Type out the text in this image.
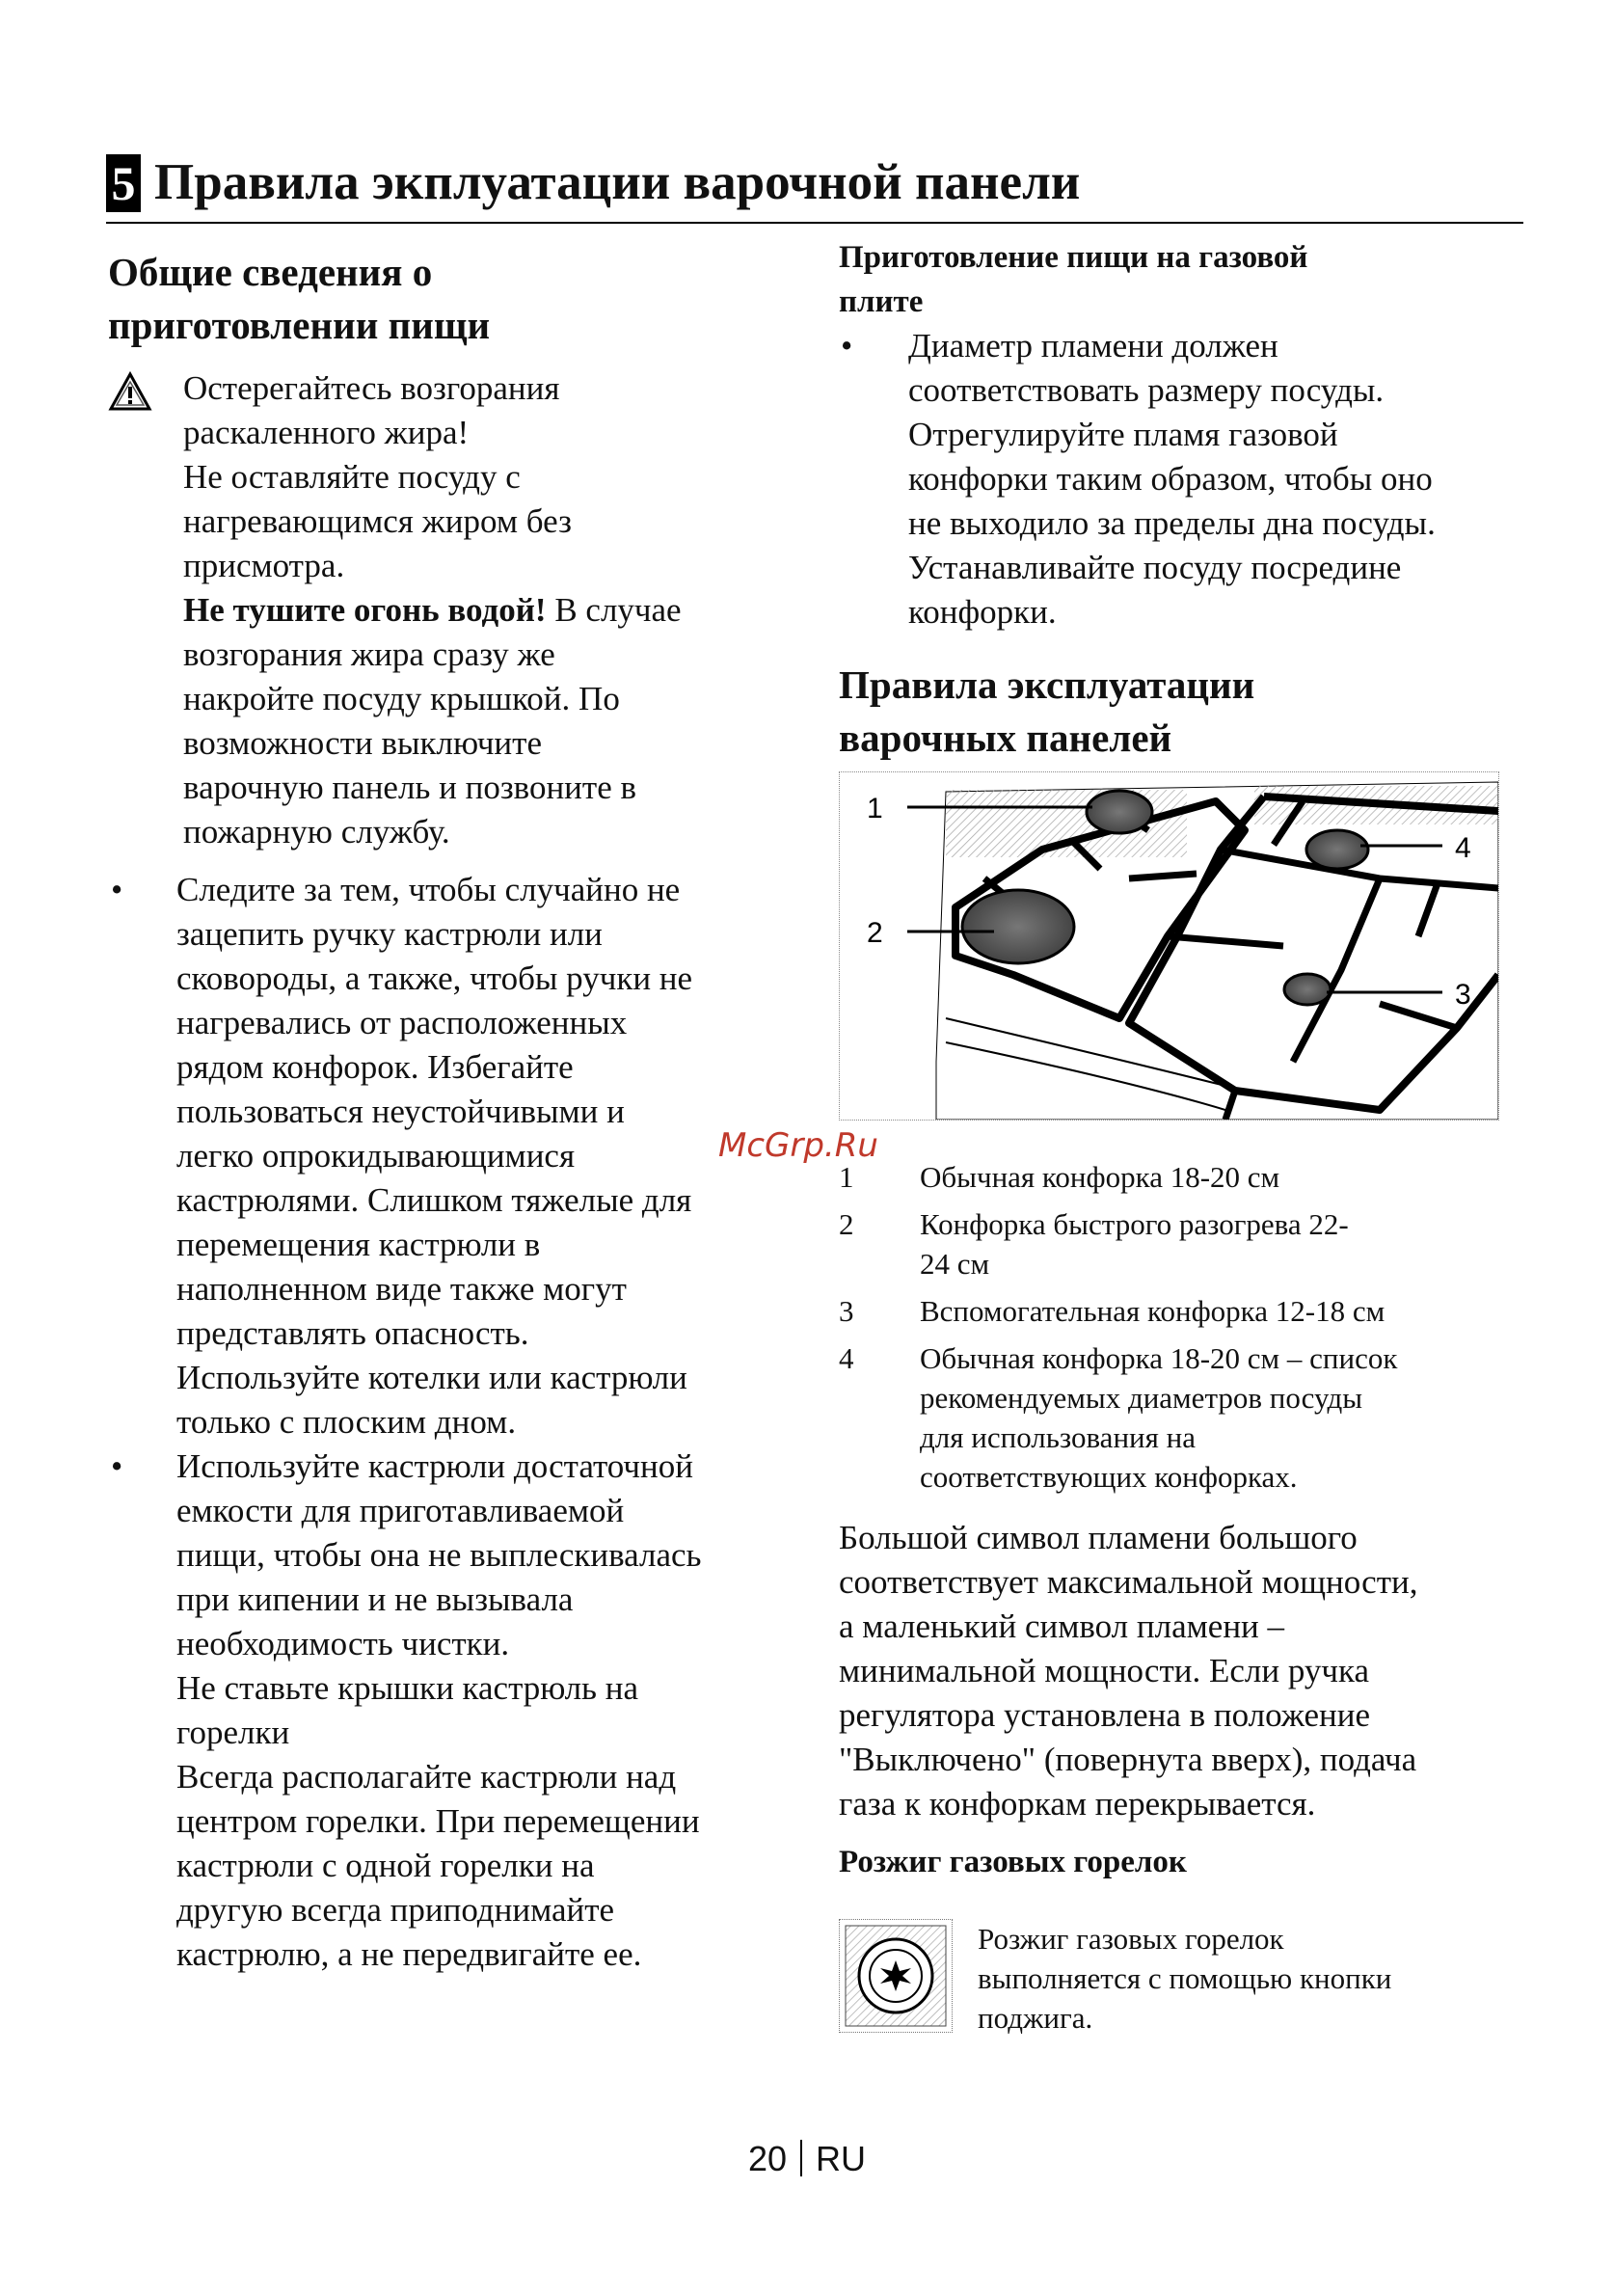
5 Правила экплуатации варочной панели
Общие сведения о
приготовлении пищи
Остерегайтесь возгорания
раскаленного жира!
Не оставляйте посуду с
нагревающимся жиром без
присмотра.
Не тушите огонь водой! В случае
возгорания жира сразу же
накройте посуду крышкой. По
возможности выключите
варочную панель и позвоните в
пожарную службу.
• Следите за тем, чтобы случайно не
зацепить ручку кастрюли или
сковороды, а также, чтобы ручки не
нагревались от расположенных
рядом конфорок. Избегайте
пользоваться неустойчивыми и
легко опрокидывающимися
кастрюлями. Слишком тяжелые для
перемещения кастрюли в
наполненном виде также могут
представлять опасность.
Используйте котелки или кастрюли
только с плоским дном.
• Используйте кастрюли достаточной
емкости для приготавливаемой
пищи, чтобы она не выплескивалась
при кипении и не вызывала
необходимость чистки.
Не ставьте крышки кастрюль на
горелки
Всегда располагайте кастрюли над
центром горелки. При перемещении
кастрюли с одной горелки на
другую всегда приподнимайте
кастрюлю, а не передвигайте ее.
Приготовление пищи на газовой
плите
• Диаметр пламени должен
соответствовать размеру посуды.
Отрегулируйте пламя газовой
конфорки таким образом, чтобы оно
не выходило за пределы дна посуды.
Устанавливайте посуду посредине
конфорки.
Правила эксплуатации
варочных панелей
1
2
3
4
McGrp.Ru
1 Обычная конфорка 18-20 см
2 Конфорка быстрого разогрева 22-
24 см
3 Вспомогательная конфорка 12-18 см
4 Обычная конфорка 18-20 см – список
рекомендуемых диаметров посуды
для использования на
соответствующих конфорках.
Большой символ пламени большого
соответствует максимальной мощности,
а маленький символ пламени –
минимальной мощности. Если ручка
регулятора установлена в положение
"Выключено" (повернута вверх), подача
газа к конфоркам перекрывается.
Розжиг газовых горелок
Розжиг газовых горелок
выполняется с помощью кнопки
поджига.
20 RU
